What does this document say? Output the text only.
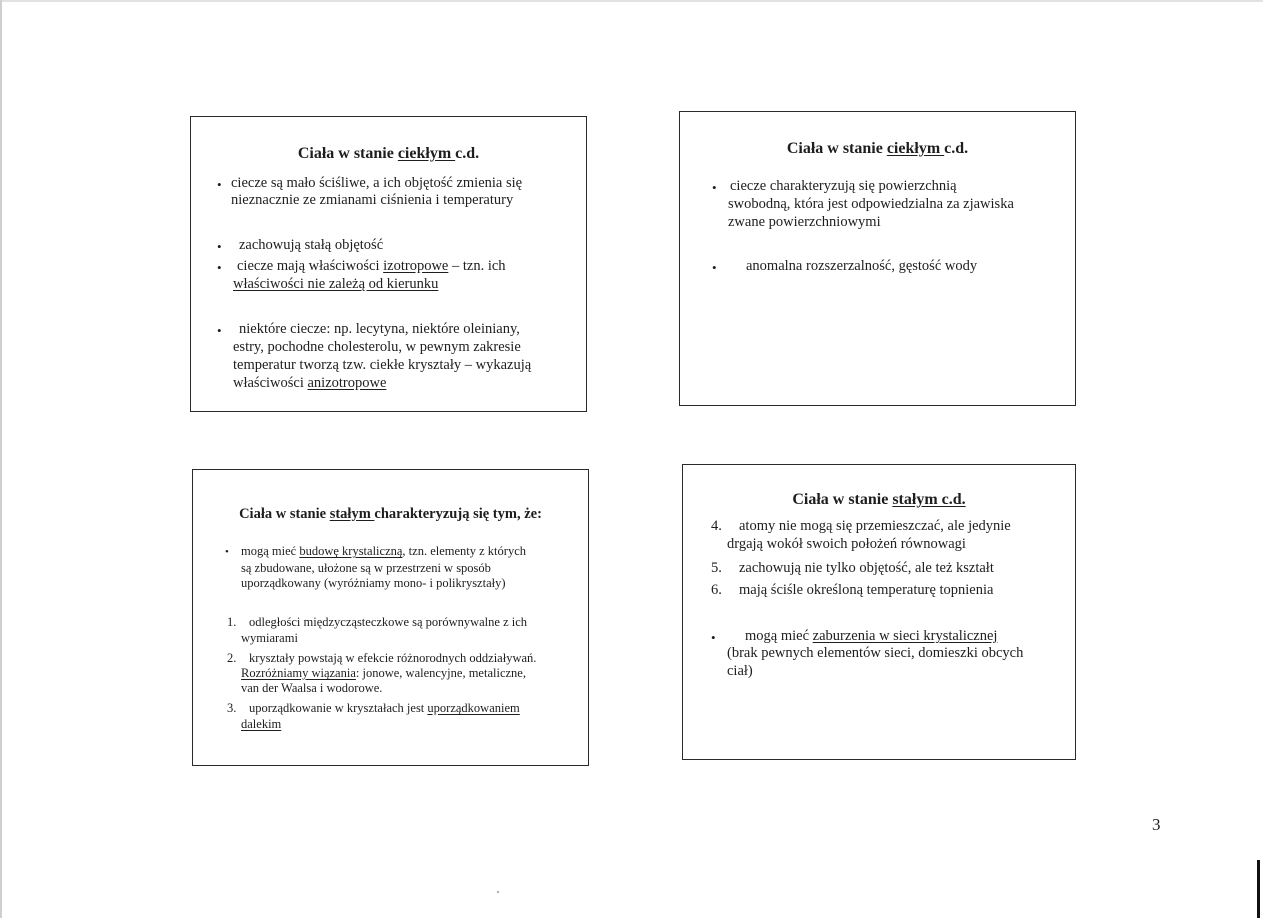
Ciała w stanie ciekłym c.d.
• ciecze są mało ściśliwe, a ich objętość zmienia się
nieznacznie ze zmianami ciśnienia i temperatury
• zachowują stałą objętość
• ciecze mają właściwości izotropowe – tzn. ich
właściwości nie zależą od kierunku
• niektóre ciecze: np. lecytyna, niektóre oleiniany,
estry, pochodne cholesterolu, w pewnym zakresie
temperatur tworzą tzw. ciekłe kryształy – wykazują
właściwości anizotropowe
Ciała w stanie ciekłym c.d.
• ciecze charakteryzują się powierzchnią
swobodną, która jest odpowiedzialna za zjawiska
zwane powierzchniowymi
• anomalna rozszerzalność, gęstość wody
Ciała w stanie stałym charakteryzują się tym, że:
• mogą mieć budowę krystaliczną, tzn. elementy z których
są zbudowane, ułożone są w przestrzeni w sposób
uporządkowany (wyróżniamy mono- i polikryształy)
1. odległości międzycząsteczkowe są porównywalne z ich
wymiarami
2. kryształy powstają w efekcie różnorodnych oddziaływań.
Rozróżniamy wiązania: jonowe, walencyjne, metaliczne,
van der Waalsa i wodorowe.
3. uporządkowanie w kryształach jest uporządkowaniem
dalekim
Ciała w stanie stałym c.d.
4. atomy nie mogą się przemieszczać, ale jedynie
drgają wokół swoich położeń równowagi
5. zachowują nie tylko objętość, ale też kształt
6. mają ściśle określoną temperaturę topnienia
• mogą mieć zaburzenia w sieci krystalicznej
(brak pewnych elementów sieci, domieszki obcych
ciał)
3
